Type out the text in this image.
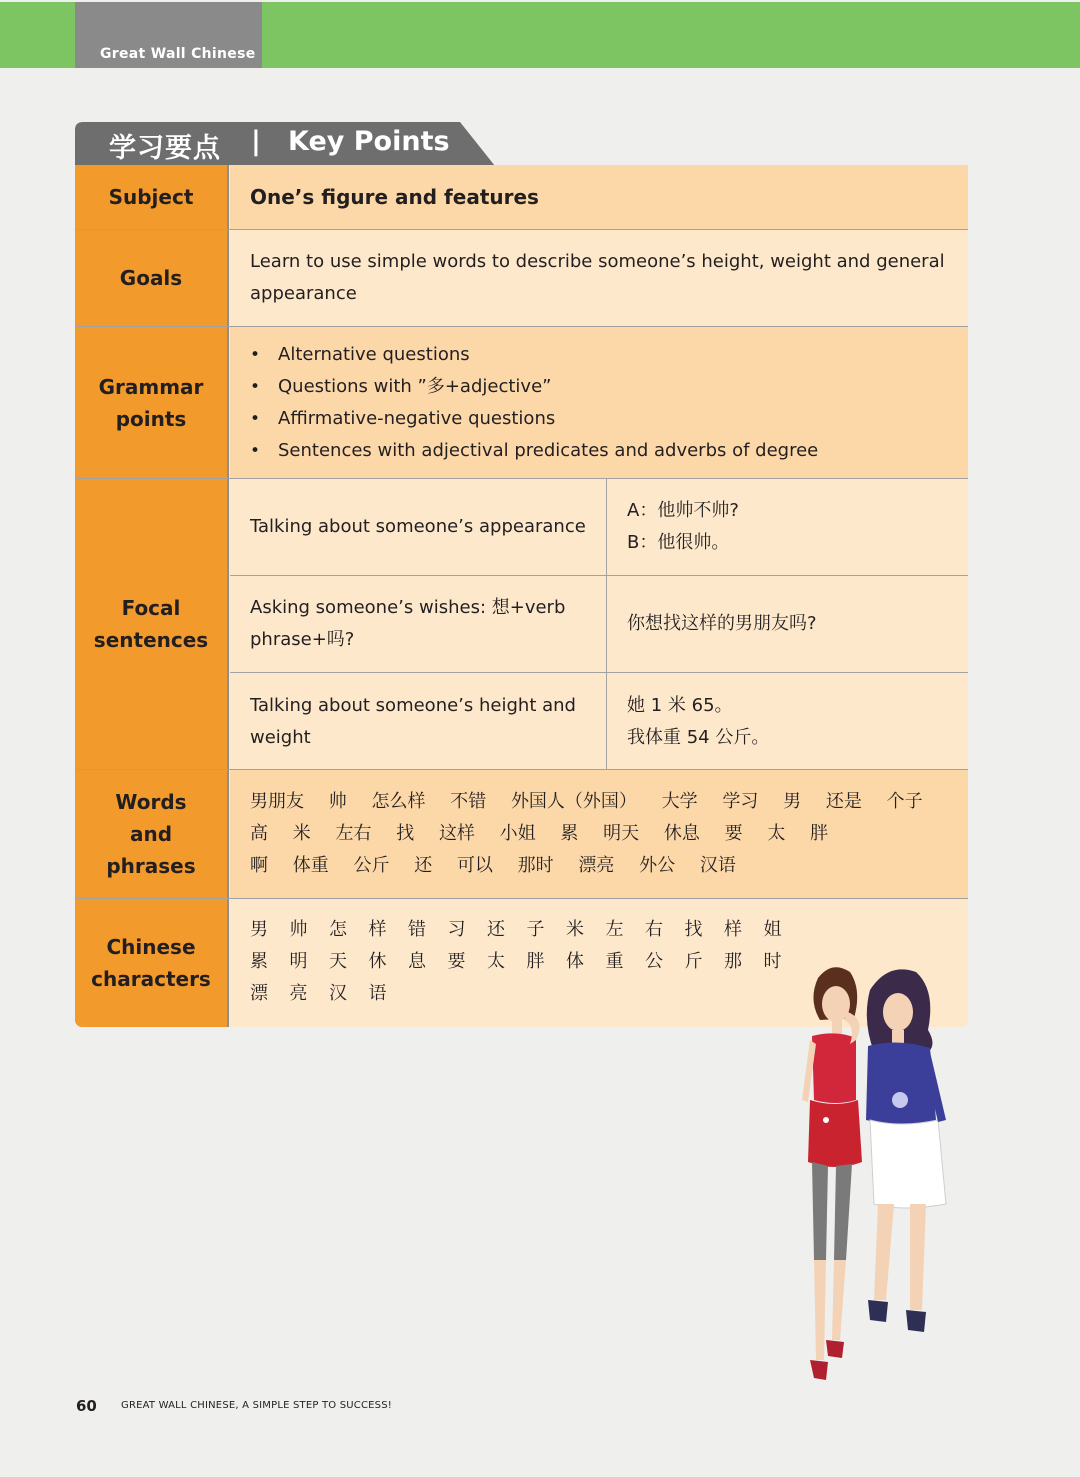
Great Wall Chinese
学习要点 | Key Points
Subject	One’s figure and features
Goals
Learn to use simple words to describe someone’s height, weight and general appearance
Grammar points
• Alternative questions
• Questions with ”多+adjective”
• Affirmative-negative questions
• Sentences with adjectival predicates and adverbs of degree
Focal sentences
Talking about someone’s appearance
A：他帅不帅?
B：他很帅。
Asking someone’s wishes: 想+verb phrase+吗?
你想找这样的男朋友吗?
Talking about someone’s height and weight
她 1 米 65。
我体重 54 公斤。
Words and phrases
男朋友 帅 怎么样 不错 外国人（外国） 大学 学习 男 还是 个子
高 米 左右 找 这样 小姐 累 明天 休息 要 太 胖
啊 体重 公斤 还 可以 那时 漂亮 外公 汉语
Chinese characters
男 帅 怎 样 错 习 还 子 米 左 右 找 样 姐
累 明 天 休 息 要 太 胖 体 重 公 斤 那 时
漂 亮 汉 语
60 GREAT WALL CHINESE, A SIMPLE STEP TO SUCCESS!
